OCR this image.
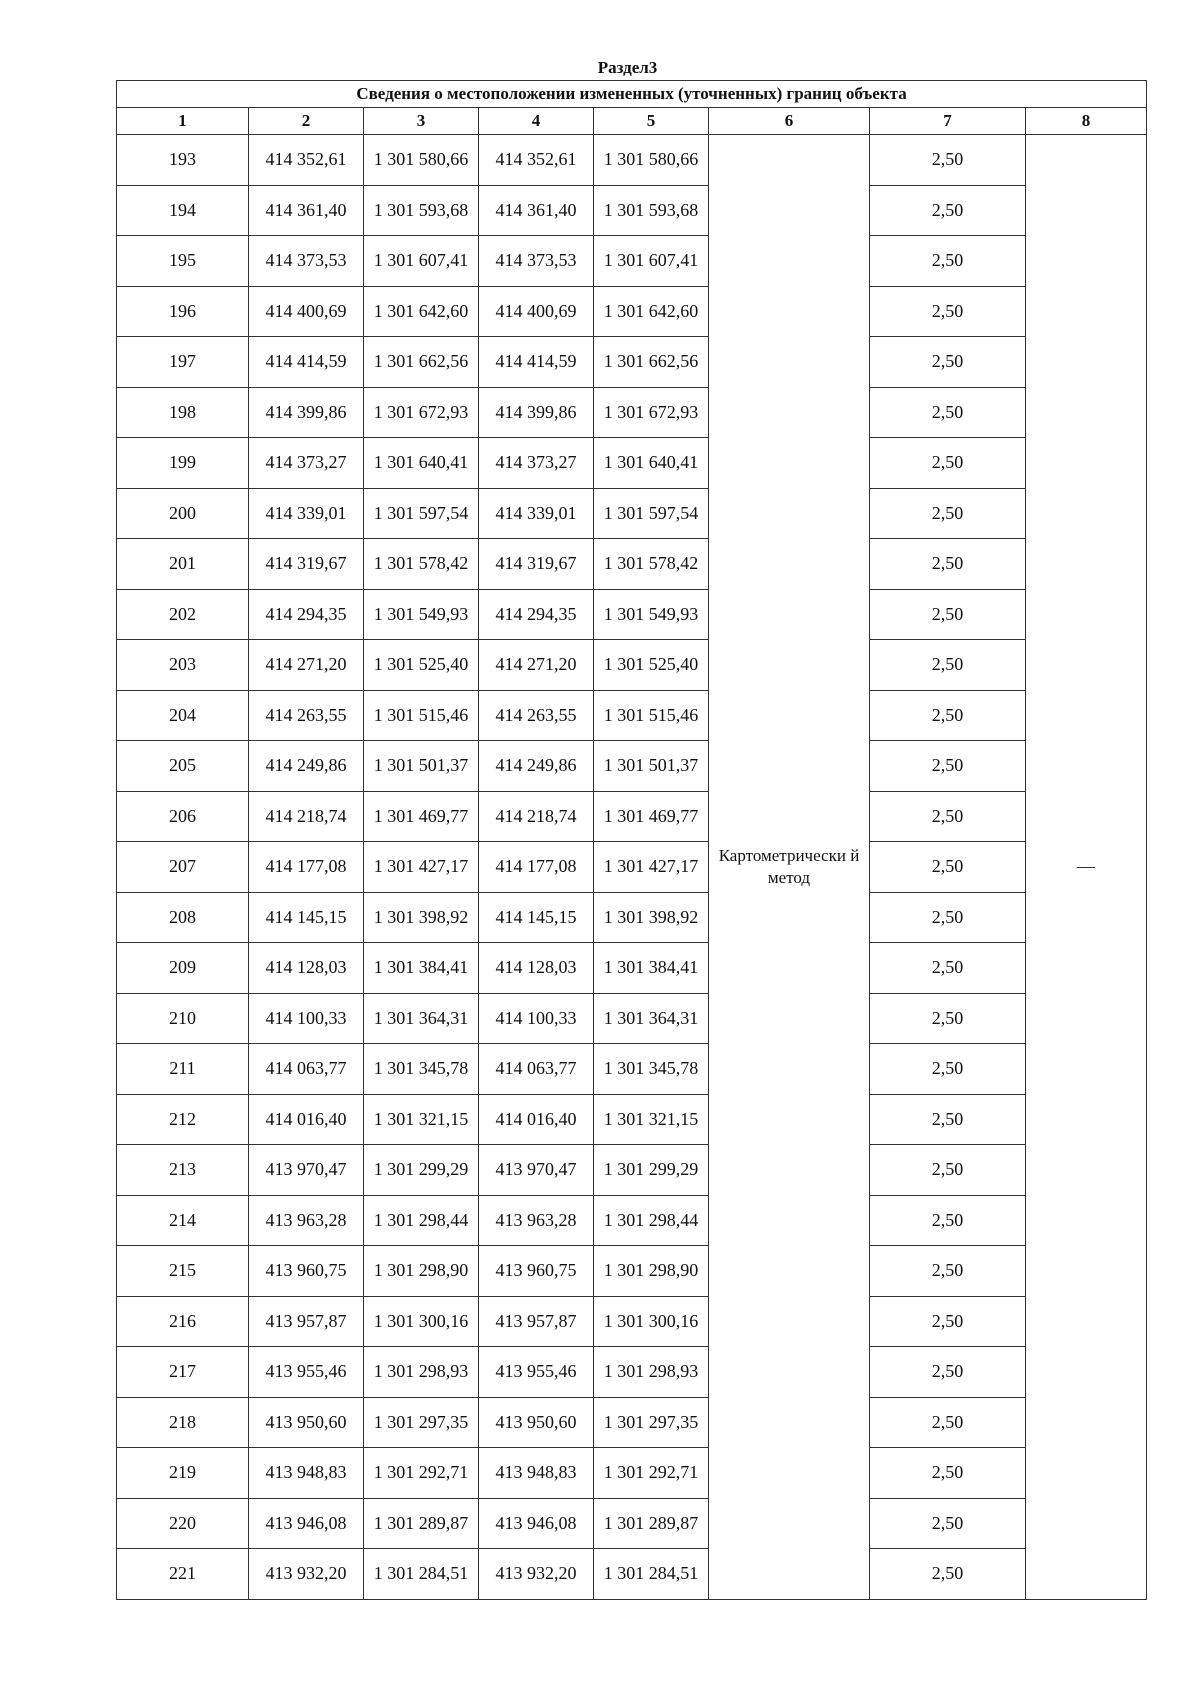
Раздел3
Сведения о местоположении измененных (уточненных) границ объекта							
1	2	3	4	5	6	7	8
193	414 352,61	1 301 580,66	414 352,61	1 301 580,66	Картометрически й метод	2,50	—
194	414 361,40	1 301 593,68	414 361,40	1 301 593,68		2,50	
195	414 373,53	1 301 607,41	414 373,53	1 301 607,41		2,50	
196	414 400,69	1 301 642,60	414 400,69	1 301 642,60		2,50	
197	414 414,59	1 301 662,56	414 414,59	1 301 662,56		2,50	
198	414 399,86	1 301 672,93	414 399,86	1 301 672,93		2,50	
199	414 373,27	1 301 640,41	414 373,27	1 301 640,41		2,50	
200	414 339,01	1 301 597,54	414 339,01	1 301 597,54		2,50	
201	414 319,67	1 301 578,42	414 319,67	1 301 578,42		2,50	
202	414 294,35	1 301 549,93	414 294,35	1 301 549,93		2,50	
203	414 271,20	1 301 525,40	414 271,20	1 301 525,40		2,50	
204	414 263,55	1 301 515,46	414 263,55	1 301 515,46		2,50	
205	414 249,86	1 301 501,37	414 249,86	1 301 501,37		2,50	
206	414 218,74	1 301 469,77	414 218,74	1 301 469,77		2,50	
207	414 177,08	1 301 427,17	414 177,08	1 301 427,17		2,50	
208	414 145,15	1 301 398,92	414 145,15	1 301 398,92		2,50	
209	414 128,03	1 301 384,41	414 128,03	1 301 384,41		2,50	
210	414 100,33	1 301 364,31	414 100,33	1 301 364,31		2,50	
211	414 063,77	1 301 345,78	414 063,77	1 301 345,78		2,50	
212	414 016,40	1 301 321,15	414 016,40	1 301 321,15		2,50	
213	413 970,47	1 301 299,29	413 970,47	1 301 299,29		2,50	
214	413 963,28	1 301 298,44	413 963,28	1 301 298,44		2,50	
215	413 960,75	1 301 298,90	413 960,75	1 301 298,90		2,50	
216	413 957,87	1 301 300,16	413 957,87	1 301 300,16		2,50	
217	413 955,46	1 301 298,93	413 955,46	1 301 298,93		2,50	
218	413 950,60	1 301 297,35	413 950,60	1 301 297,35		2,50	
219	413 948,83	1 301 292,71	413 948,83	1 301 292,71		2,50	
220	413 946,08	1 301 289,87	413 946,08	1 301 289,87		2,50	
221	413 932,20	1 301 284,51	413 932,20	1 301 284,51		2,50	
